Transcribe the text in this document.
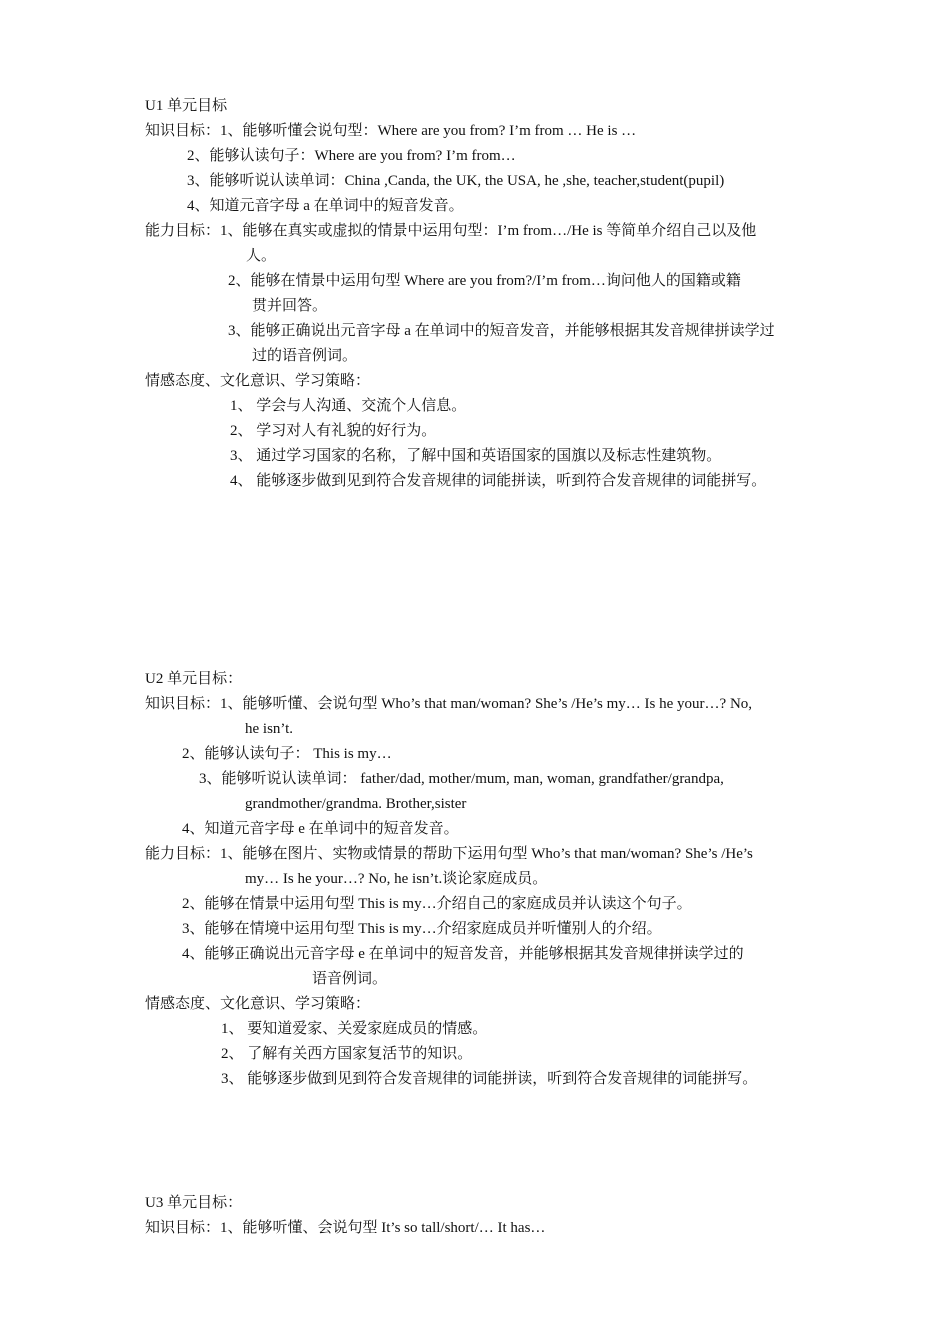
U1 单元目标
知识目标：1、能够听懂会说句型：Where are you from? I’m from … He is …
2、能够认读句子：Where are you from? I’m from…
3、能够听说认读单词：China ,Canda, the UK, the USA, he ,she, teacher,student(pupil)
4、知道元音字母 a 在单词中的短音发音。
能力目标：1、能够在真实或虚拟的情景中运用句型：I’m from…/He is 等简单介绍自己以及他
人。
2、能够在情景中运用句型 Where are you from?/I’m from…询问他人的国籍或籍
贯并回答。
3、能够正确说出元音字母 a 在单词中的短音发音，并能够根据其发音规律拼读学过
过的语音例词。
情感态度、文化意识、学习策略：
1、 学会与人沟通、交流个人信息。
2、 学习对人有礼貌的好行为。
3、 通过学习国家的名称，了解中国和英语国家的国旗以及标志性建筑物。
4、 能够逐步做到见到符合发音规律的词能拼读，听到符合发音规律的词能拼写。
U2 单元目标：
知识目标：1、能够听懂、会说句型 Who’s that man/woman? She’s /He’s my… Is he your…? No,
he isn’t.
2、能够认读句子： This is my…
3、能够听说认读单词： father/dad, mother/mum, man, woman, grandfather/grandpa,
grandmother/grandma. Brother,sister
4、知道元音字母 e 在单词中的短音发音。
能力目标：1、能够在图片、实物或情景的帮助下运用句型 Who’s that man/woman? She’s /He’s
my… Is he your…? No, he isn’t.谈论家庭成员。
2、能够在情景中运用句型 This is my…介绍自己的家庭成员并认读这个句子。
3、能够在情境中运用句型 This is my…介绍家庭成员并听懂别人的介绍。
4、能够正确说出元音字母 e 在单词中的短音发音，并能够根据其发音规律拼读学过的
语音例词。
情感态度、文化意识、学习策略：
1、 要知道爱家、关爱家庭成员的情感。
2、 了解有关西方国家复活节的知识。
3、 能够逐步做到见到符合发音规律的词能拼读，听到符合发音规律的词能拼写。
U3 单元目标：
知识目标：1、能够听懂、会说句型 It’s so tall/short/… It has…
